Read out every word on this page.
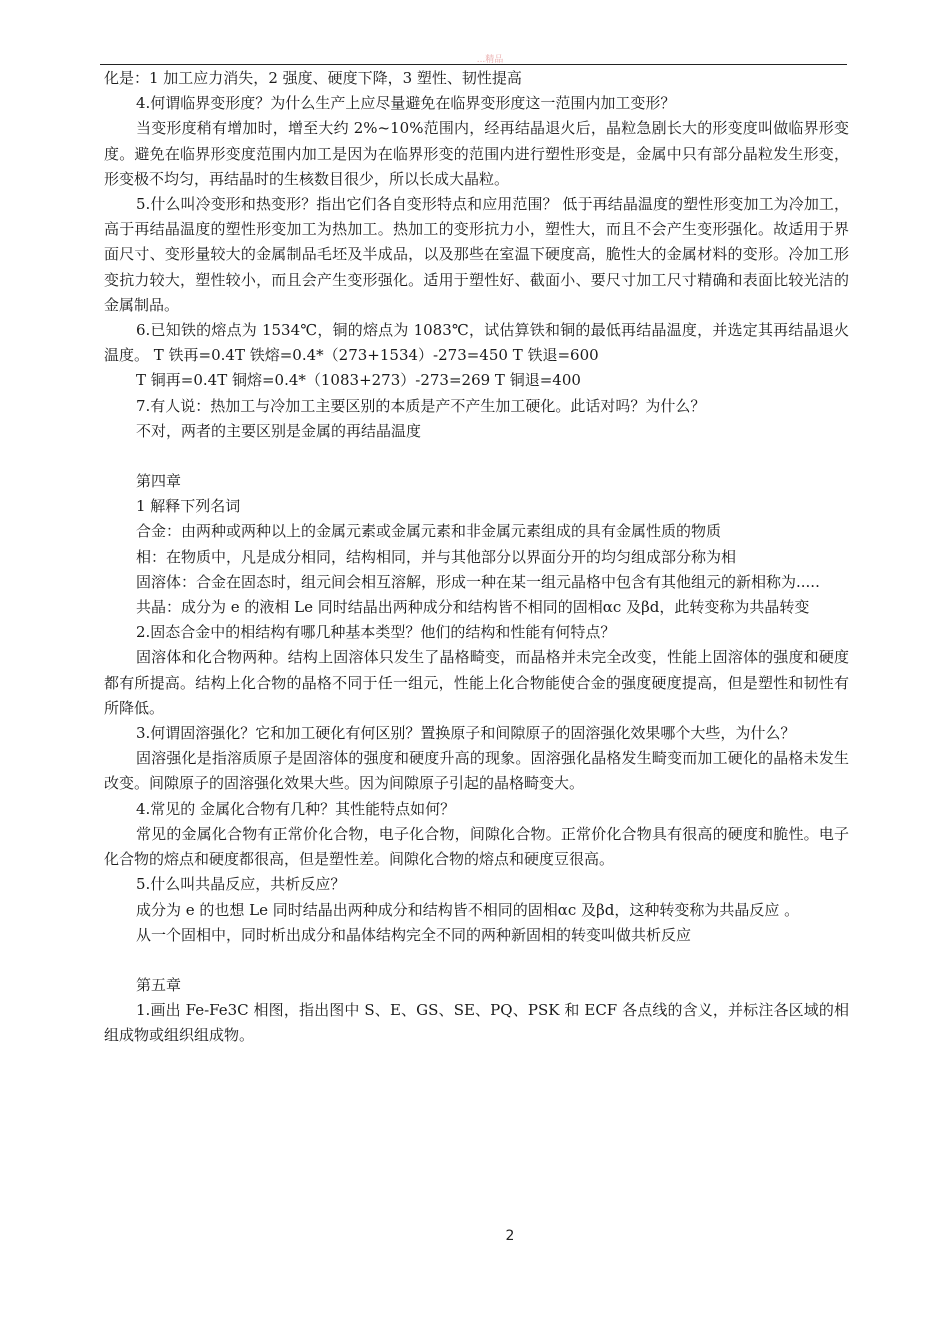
...精品

化是：1 加工应力消失，2 强度、硬度下降，3 塑性、韧性提高

4.何谓临界变形度？为什么生产上应尽量避免在临界变形度这一范围内加工变形？

当变形度稍有增加时，增至大约 2%~10%范围内，经再结晶退火后，晶粒急剧长大的形变度叫做临界形变度。避免在临界形变度范围内加工是因为在临界形变的范围内进行塑性形变是，金属中只有部分晶粒发生形变，形变极不均匀，再结晶时的生核数目很少，所以长成大晶粒。

5.什么叫冷变形和热变形？指出它们各自变形特点和应用范围？ 低于再结晶温度的塑性形变加工为冷加工，高于再结晶温度的塑性形变加工为热加工。热加工的变形抗力小，塑性大，而且不会产生变形强化。故适用于界面尺寸、变形量较大的金属制品毛坯及半成品，以及那些在室温下硬度高，脆性大的金属材料的变形。冷加工形变抗力较大，塑性较小，而且会产生变形强化。适用于塑性好、截面小、要尺寸加工尺寸精确和表面比较光洁的金属制品。

6.已知铁的熔点为 1534℃，铜的熔点为 1083℃，试估算铁和铜的最低再结晶温度，并选定其再结晶退火温度。 T 铁再=0.4T 铁熔=0.4*（273+1534）-273=450 T 铁退=600

T 铜再=0.4T 铜熔=0.4*（1083+273）-273=269 T 铜退=400

7.有人说：热加工与冷加工主要区别的本质是产不产生加工硬化。此话对吗？为什么？

不对，两者的主要区别是金属的再结晶温度

第四章

1 解释下列名词

合金：由两种或两种以上的金属元素或金属元素和非金属元素组成的具有金属性质的物质

相：在物质中，凡是成分相同，结构相同，并与其他部分以界面分开的均匀组成部分称为相

固溶体：合金在固态时，组元间会相互溶解，形成一种在某一组元晶格中包含有其他组元的新相称为.....

共晶：成分为 e 的液相 Le 同时结晶出两种成分和结构皆不相同的固相αc 及βd，此转变称为共晶转变

2.固态合金中的相结构有哪几种基本类型？他们的结构和性能有何特点？

固溶体和化合物两种。结构上固溶体只发生了晶格畸变，而晶格并未完全改变，性能上固溶体的强度和硬度都有所提高。结构上化合物的晶格不同于任一组元，性能上化合物能使合金的强度硬度提高，但是塑性和韧性有所降低。

3.何谓固溶强化？它和加工硬化有何区别？置换原子和间隙原子的固溶强化效果哪个大些，为什么？

固溶强化是指溶质原子是固溶体的强度和硬度升高的现象。固溶强化晶格发生畸变而加工硬化的晶格未发生改变。间隙原子的固溶强化效果大些。因为间隙原子引起的晶格畸变大。

4.常见的 金属化合物有几种？其性能特点如何？

常见的金属化合物有正常价化合物，电子化合物，间隙化合物。正常价化合物具有很高的硬度和脆性。电子化合物的熔点和硬度都很高，但是塑性差。间隙化合物的熔点和硬度豆很高。

5.什么叫共晶反应，共析反应？

成分为 e 的也想 Le 同时结晶出两种成分和结构皆不相同的固相αc 及βd，这种转变称为共晶反应 。

从一个固相中，同时析出成分和晶体结构完全不同的两种新固相的转变叫做共析反应

第五章

1.画出 Fe-Fe3C 相图，指出图中 S、E、GS、SE、PQ、PSK 和 ECF 各点线的含义，并标注各区域的相组成物或组织组成物。

2
